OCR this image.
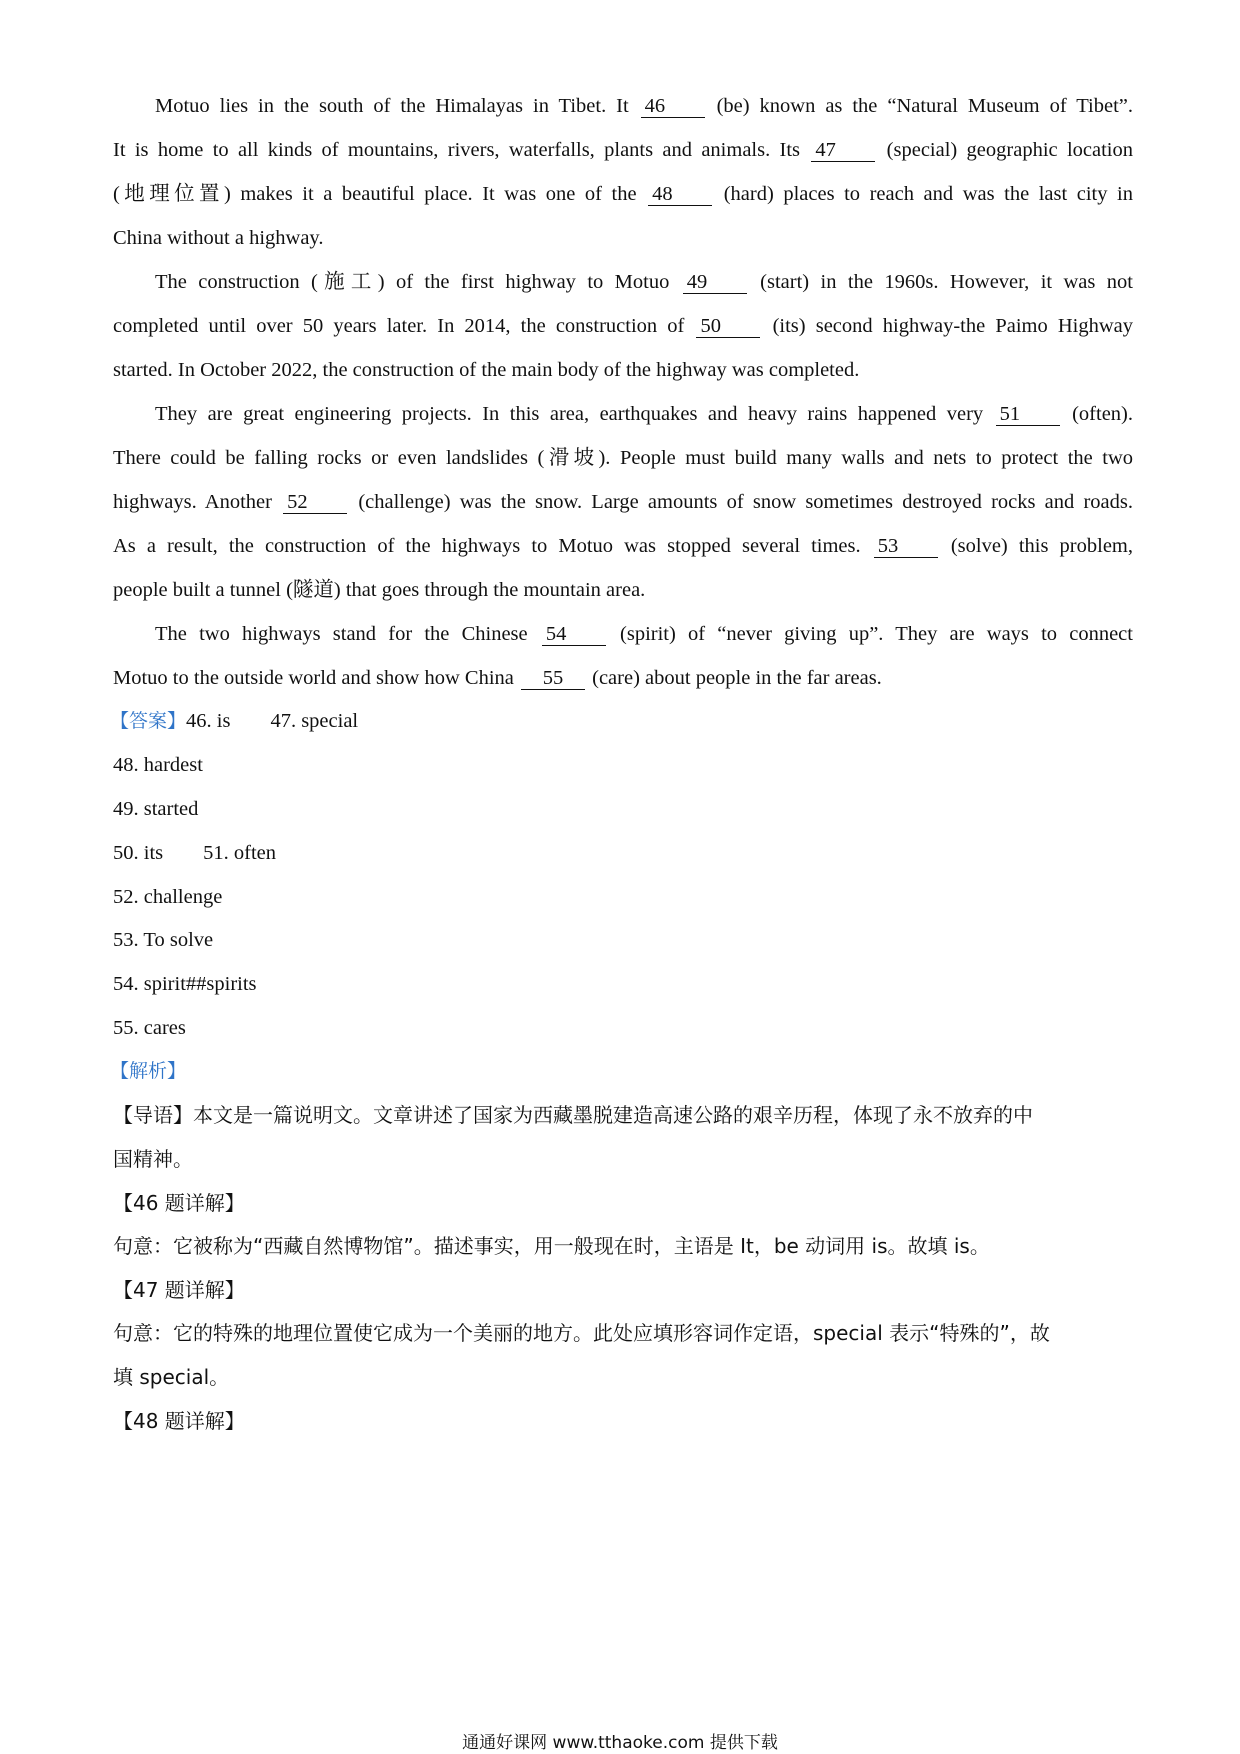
Motuo lies in the south of the Himalayas in Tibet. It 46 (be) known as the “Natural Museum of Tibet”.
It is home to all kinds of mountains, rivers, waterfalls, plants and animals. Its 47 (special) geographic location
(地理位置) makes it a beautiful place. It was one of the 48 (hard) places to reach and was the last city in
China without a highway.
The construction (施工) of the first highway to Motuo 49 (start) in the 1960s. However, it was not
completed until over 50 years later. In 2014, the construction of 50 (its) second highway-the Paimo Highway
started. In October 2022, the construction of the main body of the highway was completed.
They are great engineering projects. In this area, earthquakes and heavy rains happened very 51 (often).
There could be falling rocks or even landslides (滑坡). People must build many walls and nets to protect the two
highways. Another 52 (challenge) was the snow. Large amounts of snow sometimes destroyed rocks and roads.
As a result, the construction of the highways to Motuo was stopped several times. 53 (solve) this problem,
people built a tunnel (隧道) that goes through the mountain area.
The two highways stand for the Chinese 54 (spirit) of “never giving up”. They are ways to connect
Motuo to the outside world and show how China 55 (care) about people in the far areas.
【答案】46. is 47. special
48. hardest
49. started
50. its 51. often
52. challenge
53. To solve
54. spirit##spirits
55. cares
【解析】
【导语】本文是一篇说明文。文章讲述了国家为西藏墨脱建造高速公路的艰辛历程，体现了永不放弃的中
国精神。
【46 题详解】
句意：它被称为“西藏自然博物馆”。描述事实，用一般现在时，主语是 It，be 动词用 is。故填 is。
【47 题详解】
句意：它的特殊的地理位置使它成为一个美丽的地方。此处应填形容词作定语，special 表示“特殊的”，故
填 special。
【48 题详解】
通通好课网 www.tthaoke.com 提供下载
